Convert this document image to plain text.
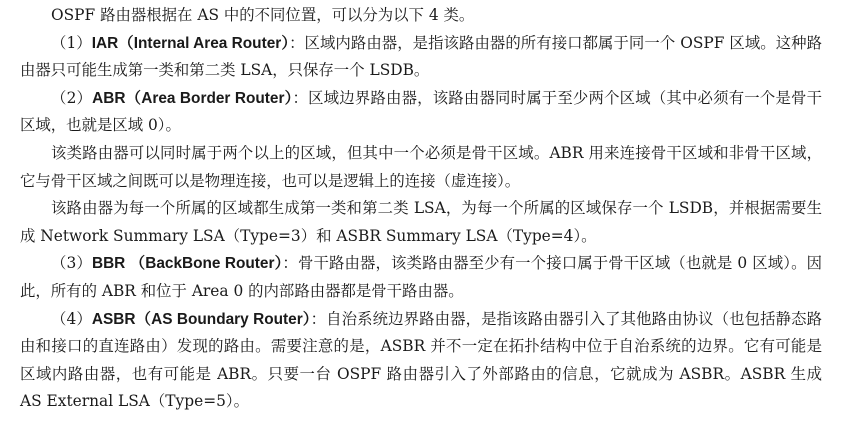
OSPF 路由器根据在 AS 中的不同位置，可以分为以下 4 类。

（1）IAR（Internal Area Router）：区域内路由器，是指该路由器的所有接口都属于同一个 OSPF 区域。这种路由器只可能生成第一类和第二类 LSA，只保存一个 LSDB。

（2）ABR（Area Border Router）：区域边界路由器，该路由器同时属于至少两个区域（其中必须有一个是骨干区域，也就是区域 0）。

该类路由器可以同时属于两个以上的区域，但其中一个必须是骨干区域。ABR 用来连接骨干区域和非骨干区域，它与骨干区域之间既可以是物理连接，也可以是逻辑上的连接（虚连接）。

该路由器为每一个所属的区域都生成第一类和第二类 LSA，为每一个所属的区域保存一个 LSDB，并根据需要生成 Network Summary LSA（Type=3）和 ASBR Summary LSA（Type=4）。

（3）BBR （BackBone Router）：骨干路由器，该类路由器至少有一个接口属于骨干区域（也就是 0 区域）。因此，所有的 ABR 和位于 Area 0 的内部路由器都是骨干路由器。

（4）ASBR（AS Boundary Router）：自治系统边界路由器，是指该路由器引入了其他路由协议（也包括静态路由和接口的直连路由）发现的路由。需要注意的是，ASBR 并不一定在拓扑结构中位于自治系统的边界。它有可能是区域内路由器，也有可能是 ABR。只要一台 OSPF 路由器引入了外部路由的信息，它就成为 ASBR。ASBR 生成 AS External LSA（Type=5）。
